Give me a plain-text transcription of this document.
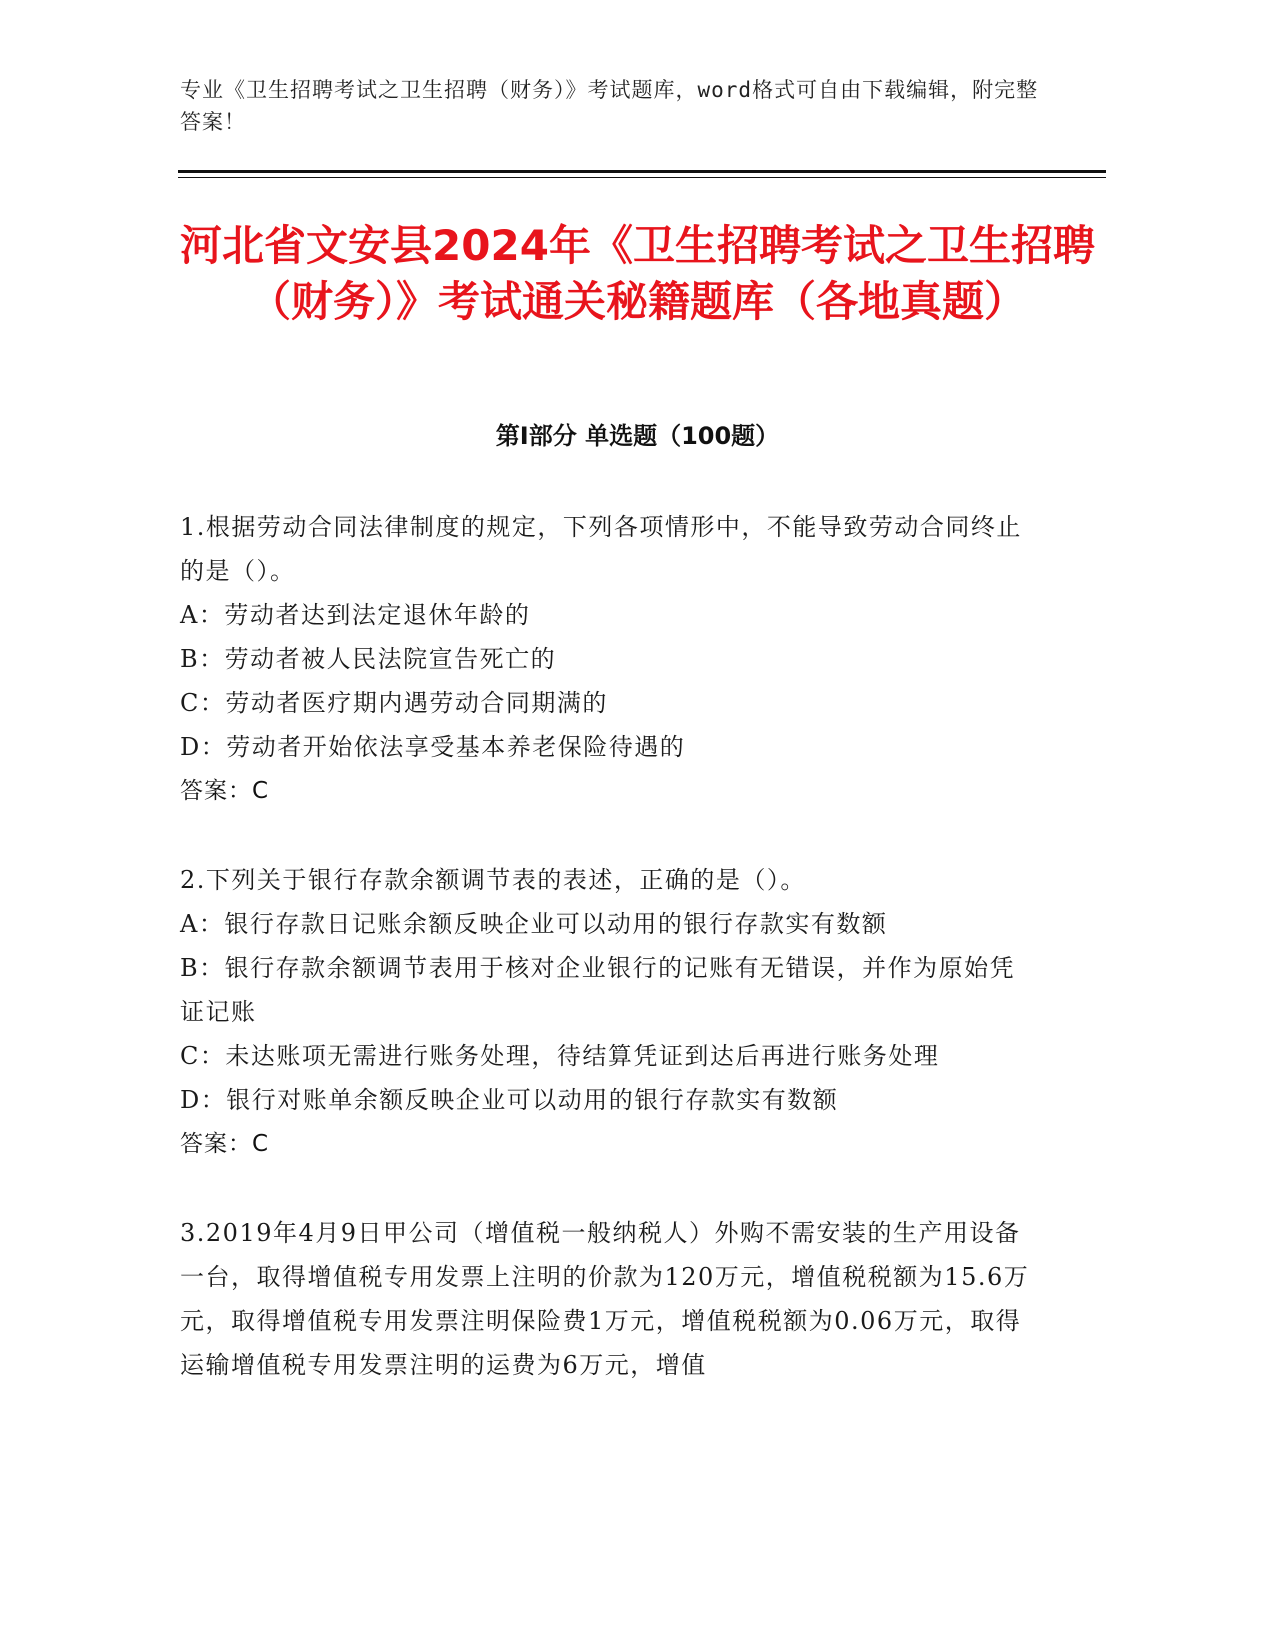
专业《卫生招聘考试之卫生招聘（财务）》考试题库，word格式可自由下载编辑，附完整答案！
河北省文安县2024年《卫生招聘考试之卫生招聘（财务）》考试通关秘籍题库（各地真题）
第I部分 单选题（100题）

1.根据劳动合同法律制度的规定，下列各项情形中，不能导致劳动合同终止的是（）。

A：劳动者达到法定退休年龄的

B：劳动者被人民法院宣告死亡的

C：劳动者医疗期内遇劳动合同期满的

D：劳动者开始依法享受基本养老保险待遇的

答案：C

2.下列关于银行存款余额调节表的表述，正确的是（）。

A：银行存款日记账余额反映企业可以动用的银行存款实有数额

B：银行存款余额调节表用于核对企业银行的记账有无错误，并作为原始凭证记账

C：未达账项无需进行账务处理，待结算凭证到达后再进行账务处理

D：银行对账单余额反映企业可以动用的银行存款实有数额

答案：C

3.2019年4月9日甲公司（增值税一般纳税人）外购不需安装的生产用设备一台，取得增值税专用发票上注明的价款为120万元，增值税税额为15.6万元，取得增值税专用发票注明保险费1万元，增值税税额为0.06万元，取得运输增值税专用发票注明的运费为6万元，增值
